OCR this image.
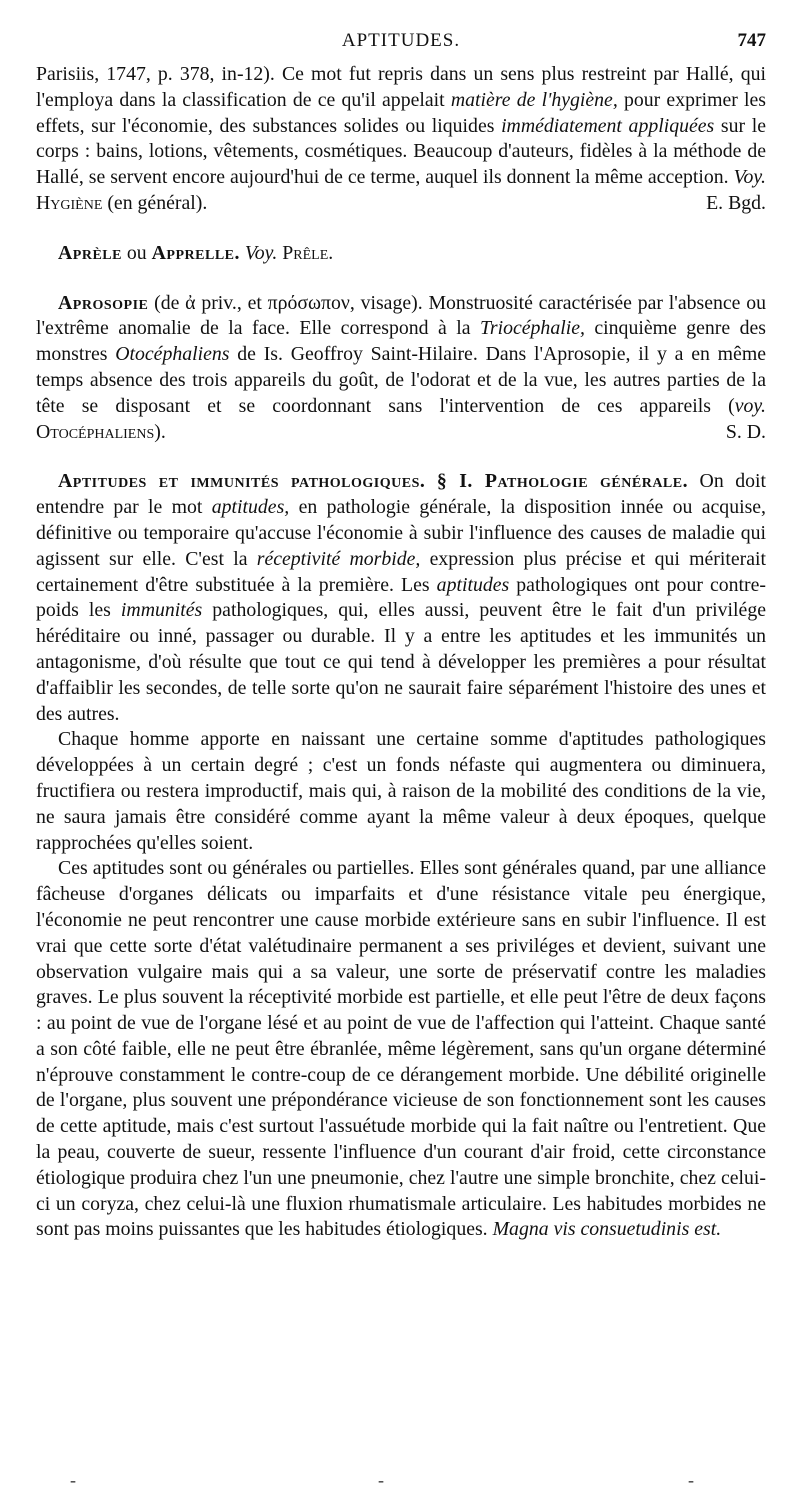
APTITUDES.	747

Parisiis, 1747, p. 378, in-12). Ce mot fut repris dans un sens plus restreint par Hallé, qui l'employa dans la classification de ce qu'il appelait matière de l'hygiène, pour exprimer les effets, sur l'économie, des substances solides ou liquides immédiatement appliquées sur le corps : bains, lotions, vêtements, cosmétiques. Beaucoup d'auteurs, fidèles à la méthode de Hallé, se servent encore aujourd'hui de ce terme, auquel ils donnent la même acception. Voy. Hygiène (en général).	E. Bgd.

Aprèle ou Apprelle. Voy. Prêle.

Aprosopie (de ἀ priv., et πρόσωπον, visage). Monstruosité caractérisée par l'absence ou l'extrême anomalie de la face. Elle correspond à la Triocéphalie, cinquième genre des monstres Otocéphaliens de Is. Geoffroy Saint-Hilaire. Dans l'Aprosopie, il y a en même temps absence des trois appareils du goût, de l'odorat et de la vue, les autres parties de la tête se disposant et se coordonnant sans l'intervention de ces appareils (voy. Otocéphaliens).	S. D.

Aptitudes et immunités pathologiques. § I. Pathologie générale. On doit entendre par le mot aptitudes, en pathologie générale, la disposition innée ou acquise, définitive ou temporaire qu'accuse l'économie à subir l'influence des causes de maladie qui agissent sur elle. C'est la réceptivité morbide, expression plus précise et qui mériterait certainement d'être substituée à la première. Les aptitudes pathologiques ont pour contre-poids les immunités pathologiques, qui, elles aussi, peuvent être le fait d'un privilége héréditaire ou inné, passager ou durable. Il y a entre les aptitudes et les immunités un antagonisme, d'où résulte que tout ce qui tend à développer les premières a pour résultat d'affaiblir les secondes, de telle sorte qu'on ne saurait faire séparément l'histoire des unes et des autres.

Chaque homme apporte en naissant une certaine somme d'aptitudes pathologiques développées à un certain degré ; c'est un fonds néfaste qui augmentera ou diminuera, fructifiera ou restera improductif, mais qui, à raison de la mobilité des conditions de la vie, ne saura jamais être considéré comme ayant la même valeur à deux époques, quelque rapprochées qu'elles soient.

Ces aptitudes sont ou générales ou partielles. Elles sont générales quand, par une alliance fâcheuse d'organes délicats ou imparfaits et d'une résistance vitale peu énergique, l'économie ne peut rencontrer une cause morbide extérieure sans en subir l'influence. Il est vrai que cette sorte d'état valétudinaire permanent a ses priviléges et devient, suivant une observation vulgaire mais qui a sa valeur, une sorte de préservatif contre les maladies graves. Le plus souvent la réceptivité morbide est partielle, et elle peut l'être de deux façons : au point de vue de l'organe lésé et au point de vue de l'affection qui l'atteint. Chaque santé a son côté faible, elle ne peut être ébranlée, même légèrement, sans qu'un organe déterminé n'éprouve constamment le contre-coup de ce dérangement morbide. Une débilité originelle de l'organe, plus souvent une prépondérance vicieuse de son fonctionnement sont les causes de cette aptitude, mais c'est surtout l'assuétude morbide qui la fait naître ou l'entretient. Que la peau, couverte de sueur, ressente l'influence d'un courant d'air froid, cette circonstance étiologique produira chez l'un une pneumonie, chez l'autre une simple bronchite, chez celui-ci un coryza, chez celui-là une fluxion rhumatismale articulaire. Les habitudes morbides ne sont pas moins puissantes que les habitudes étiologiques. Magna vis consuetudinis est.

-	-	-
